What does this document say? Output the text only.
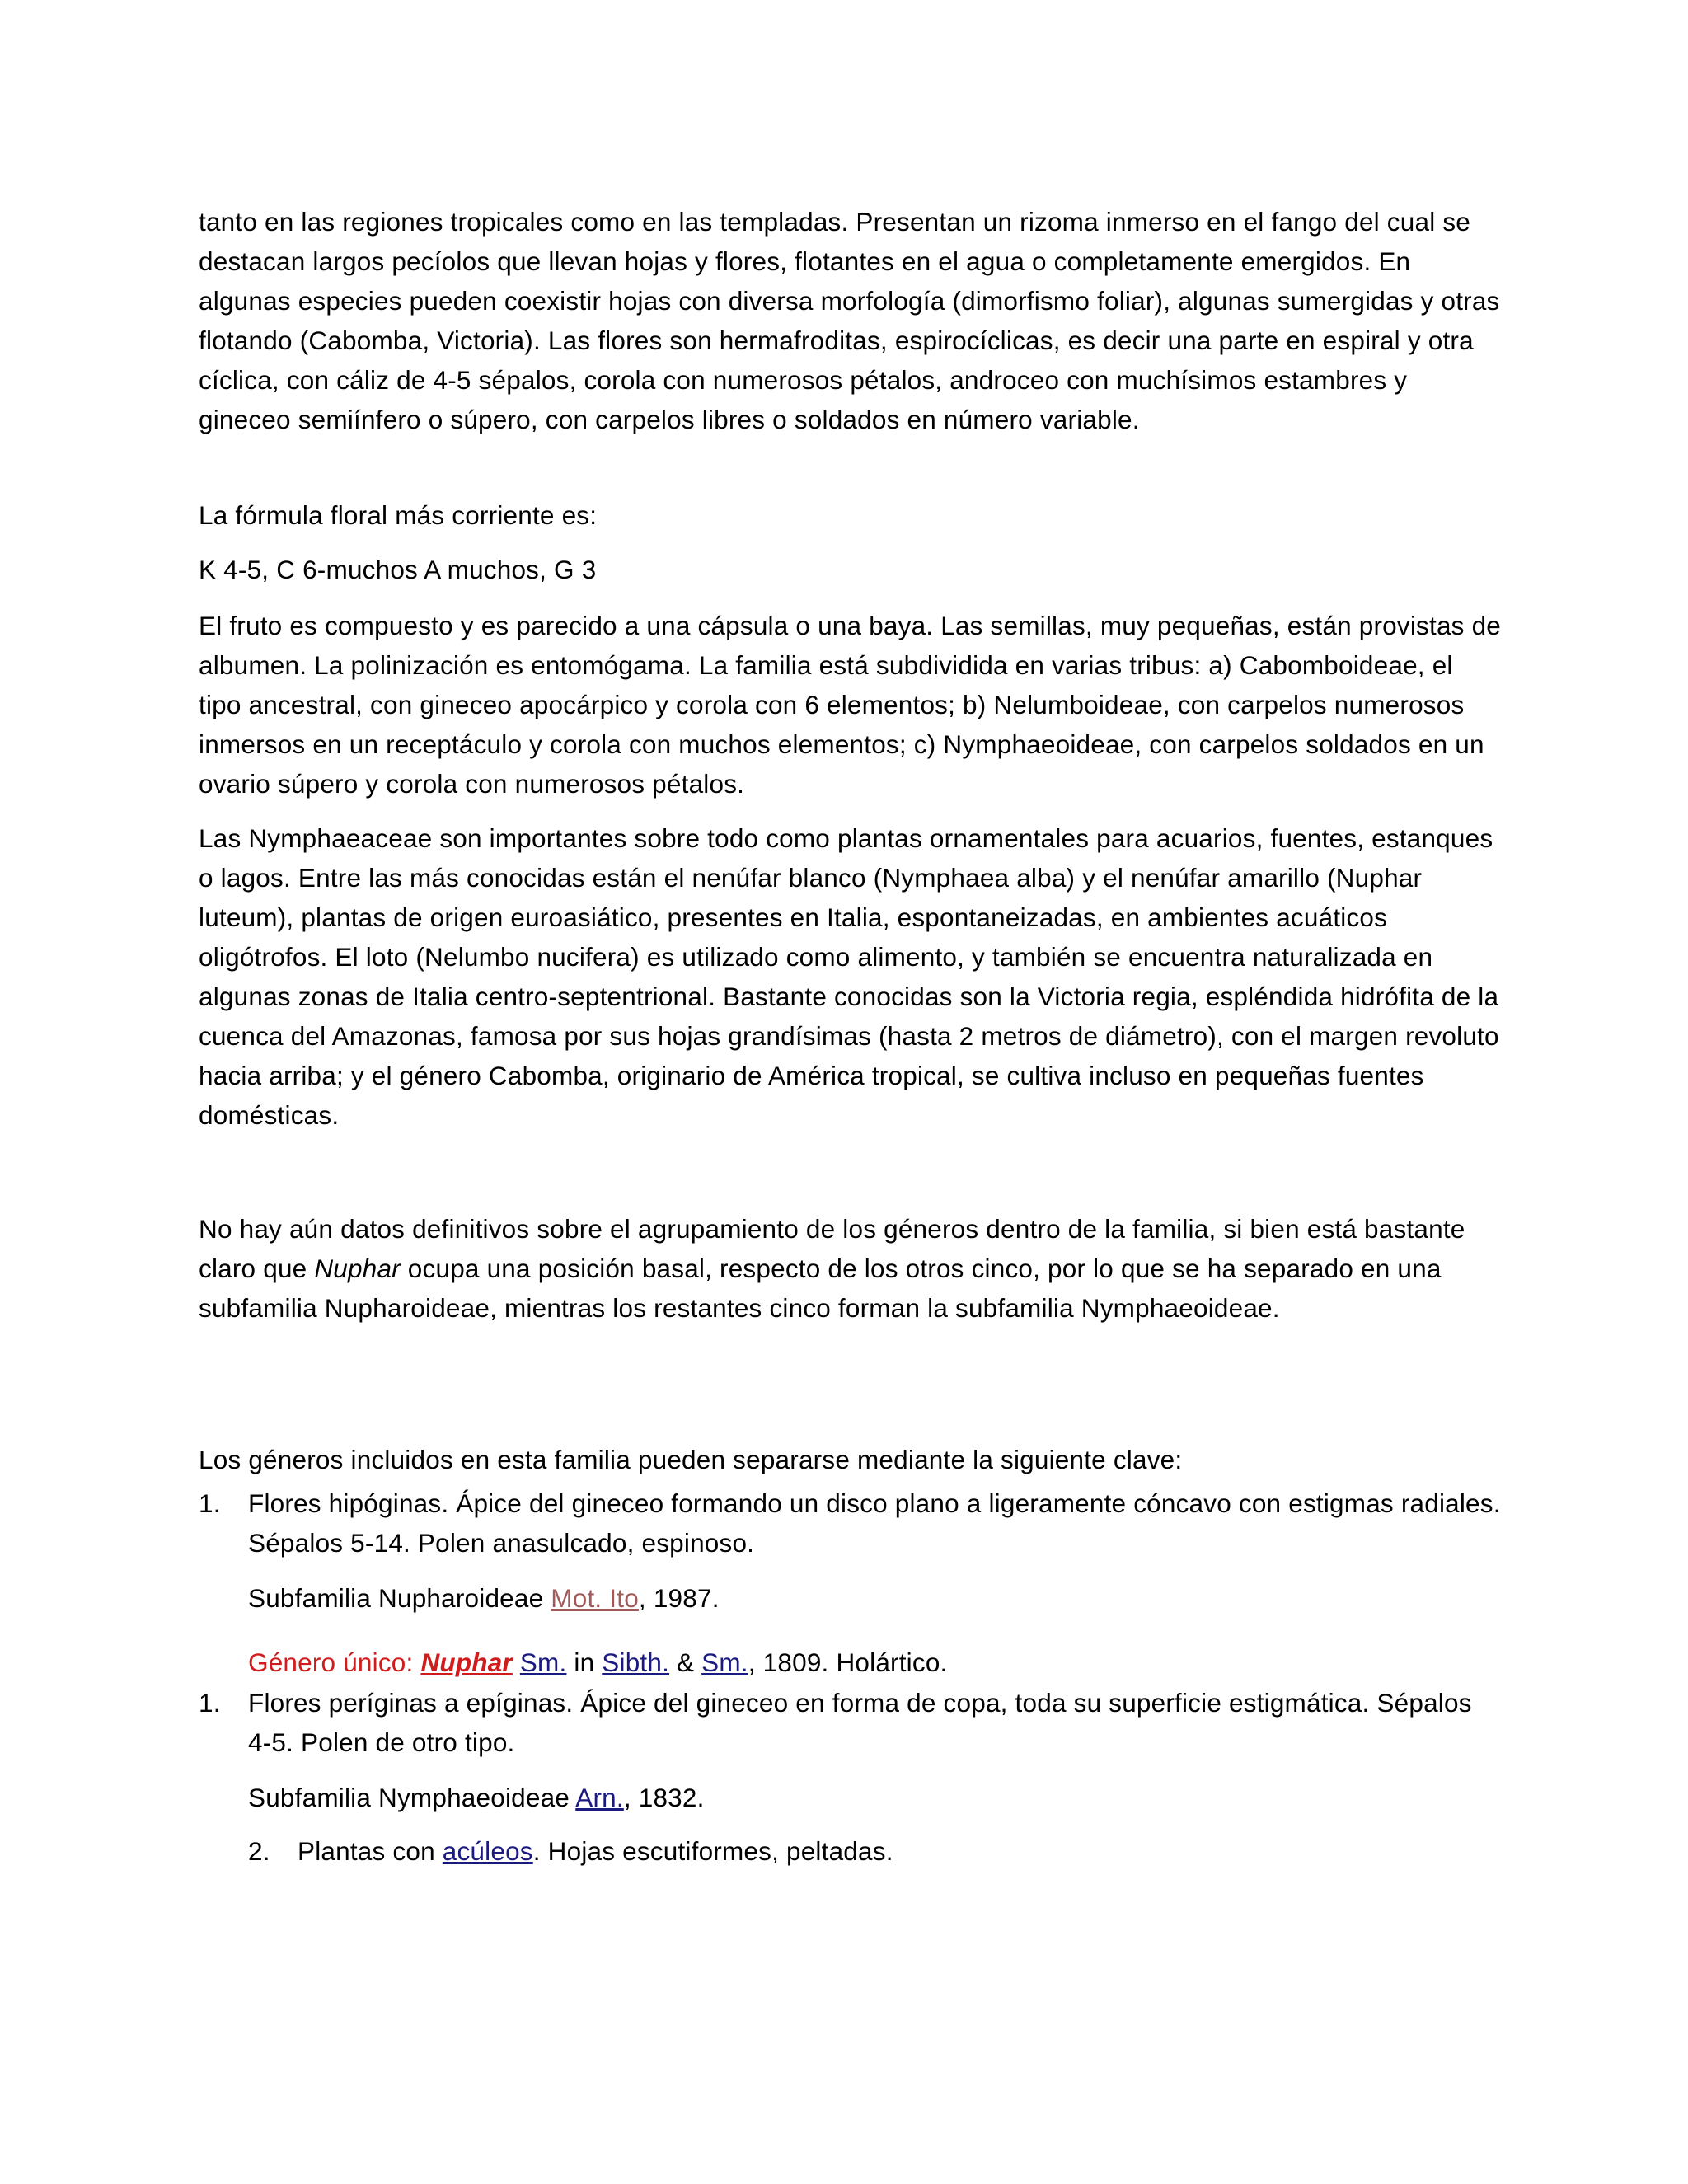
tanto en las regiones tropicales como en las templadas. Presentan un rizoma inmerso en el fango del cual se destacan largos pecíolos que llevan hojas y flores, flotantes en el agua o completamente emergidos. En algunas especies pueden coexistir hojas con diversa morfología (dimorfismo foliar), algunas sumergidas y otras flotando (Cabomba, Victoria). Las flores son hermafroditas, espirocíclicas, es decir una parte en espiral y otra cíclica, con cáliz de 4-5 sépalos, corola con numerosos pétalos, androceo con muchísimos estambres y gineceo semiínfero o súpero, con carpelos libres o soldados en número variable.

La fórmula floral más corriente es:

K 4-5, C 6-muchos A muchos, G 3

El fruto es compuesto y es parecido a una cápsula o una baya. Las semillas, muy pequeñas, están provistas de albumen. La polinización es entomógama. La familia está subdividida en varias tribus: a) Cabomboideae, el tipo ancestral, con gineceo apocárpico y corola con 6 elementos; b) Nelumboideae, con carpelos numerosos inmersos en un receptáculo y corola con muchos elementos; c) Nymphaeoideae, con carpelos soldados en un ovario súpero y corola con numerosos pétalos.

Las Nymphaeaceae son importantes sobre todo como plantas ornamentales para acuarios, fuentes, estanques o lagos. Entre las más conocidas están el nenúfar blanco (Nymphaea alba) y el nenúfar amarillo (Nuphar luteum), plantas de origen euroasiático, presentes en Italia, espontaneizadas, en ambientes acuáticos oligótrofos. El loto (Nelumbo nucifera) es utilizado como alimento, y también se encuentra naturalizada en algunas zonas de Italia centro-septentrional. Bastante conocidas son la Victoria regia, espléndida hidrófita de la cuenca del Amazonas, famosa por sus hojas grandísimas (hasta 2 metros de diámetro), con el margen revoluto hacia arriba; y el género Cabomba, originario de América tropical, se cultiva incluso en pequeñas fuentes domésticas.

No hay aún datos definitivos sobre el agrupamiento de los géneros dentro de la familia, si bien está bastante claro que Nuphar ocupa una posición basal, respecto de los otros cinco, por lo que se ha separado en una subfamilia Nupharoideae, mientras los restantes cinco forman la subfamilia Nymphaeoideae.

Los géneros incluidos en esta familia pueden separarse mediante la siguiente clave:

1. Flores hipóginas. Ápice del gineceo formando un disco plano a ligeramente cóncavo con estigmas radiales. Sépalos 5-14. Polen anasulcado, espinoso.

Subfamilia Nupharoideae Mot. Ito, 1987.

Género único: Nuphar Sm. in Sibth. & Sm., 1809. Holártico.

1. Flores períginas a epíginas. Ápice del gineceo en forma de copa, toda su superficie estigmática. Sépalos 4-5. Polen de otro tipo.

Subfamilia Nymphaeoideae Arn., 1832.

2. Plantas con acúleos. Hojas escutiformes, peltadas.
